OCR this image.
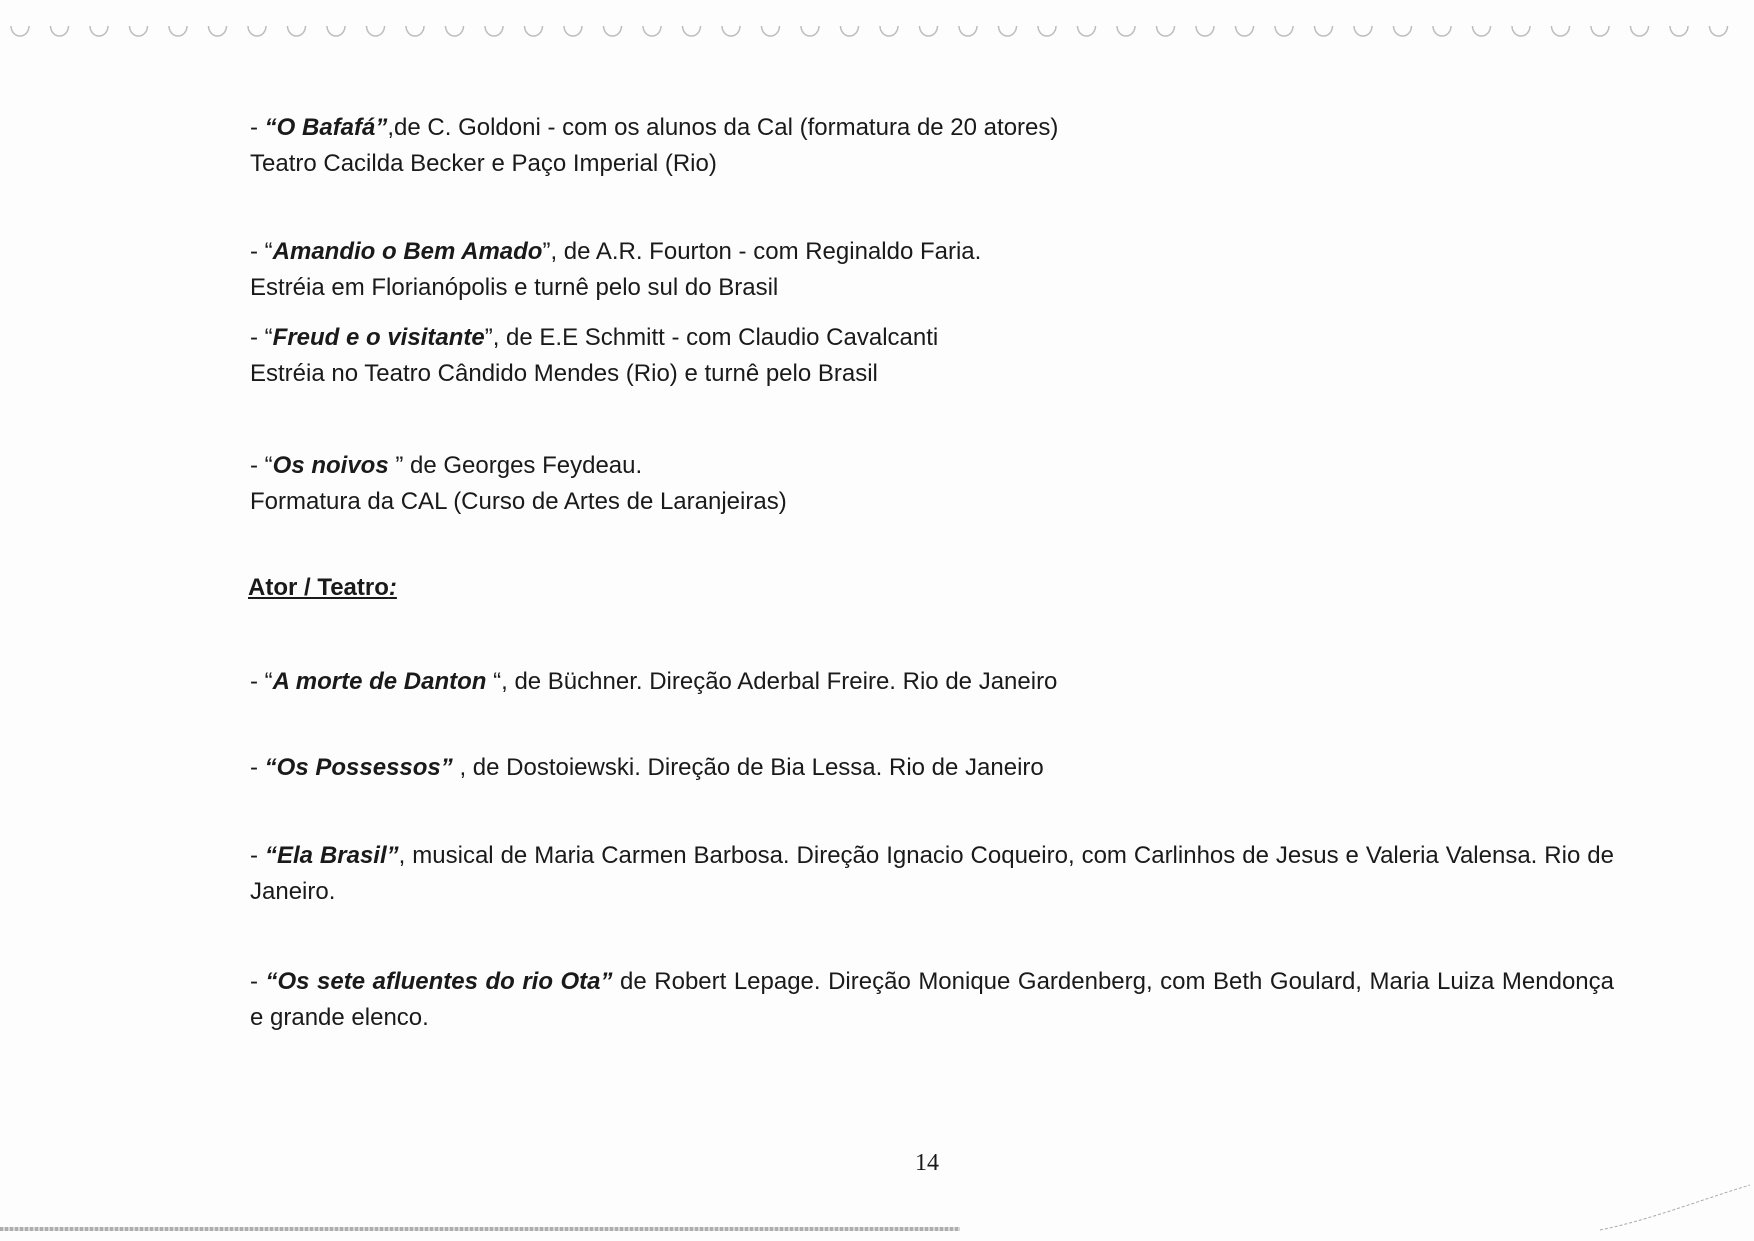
- “O Bafafá”,de C. Goldoni - com os alunos da Cal (formatura de 20 atores)
Teatro Cacilda Becker e Paço Imperial (Rio)
- “Amandio o Bem Amado”, de A.R. Fourton - com Reginaldo Faria.
Estréia em Florianópolis e turnê pelo sul do Brasil
- “Freud e o visitante”, de E.E Schmitt - com Claudio Cavalcanti
Estréia no Teatro Cândido Mendes (Rio) e turnê pelo Brasil
- “Os noivos ” de Georges Feydeau.
Formatura da CAL (Curso de Artes de Laranjeiras)
Ator / Teatro:
- “A morte de Danton “, de Büchner. Direção Aderbal Freire. Rio de Janeiro
- “Os Possessos” , de Dostoiewski. Direção de Bia Lessa. Rio de Janeiro
- “Ela Brasil”, musical de Maria Carmen Barbosa. Direção Ignacio Coqueiro, com Carlinhos de Jesus e Valeria Valensa. Rio de Janeiro.
- “Os sete afluentes do rio Ota” de Robert Lepage. Direção Monique Gardenberg, com Beth Goulard, Maria Luiza Mendonça e grande elenco.
14
